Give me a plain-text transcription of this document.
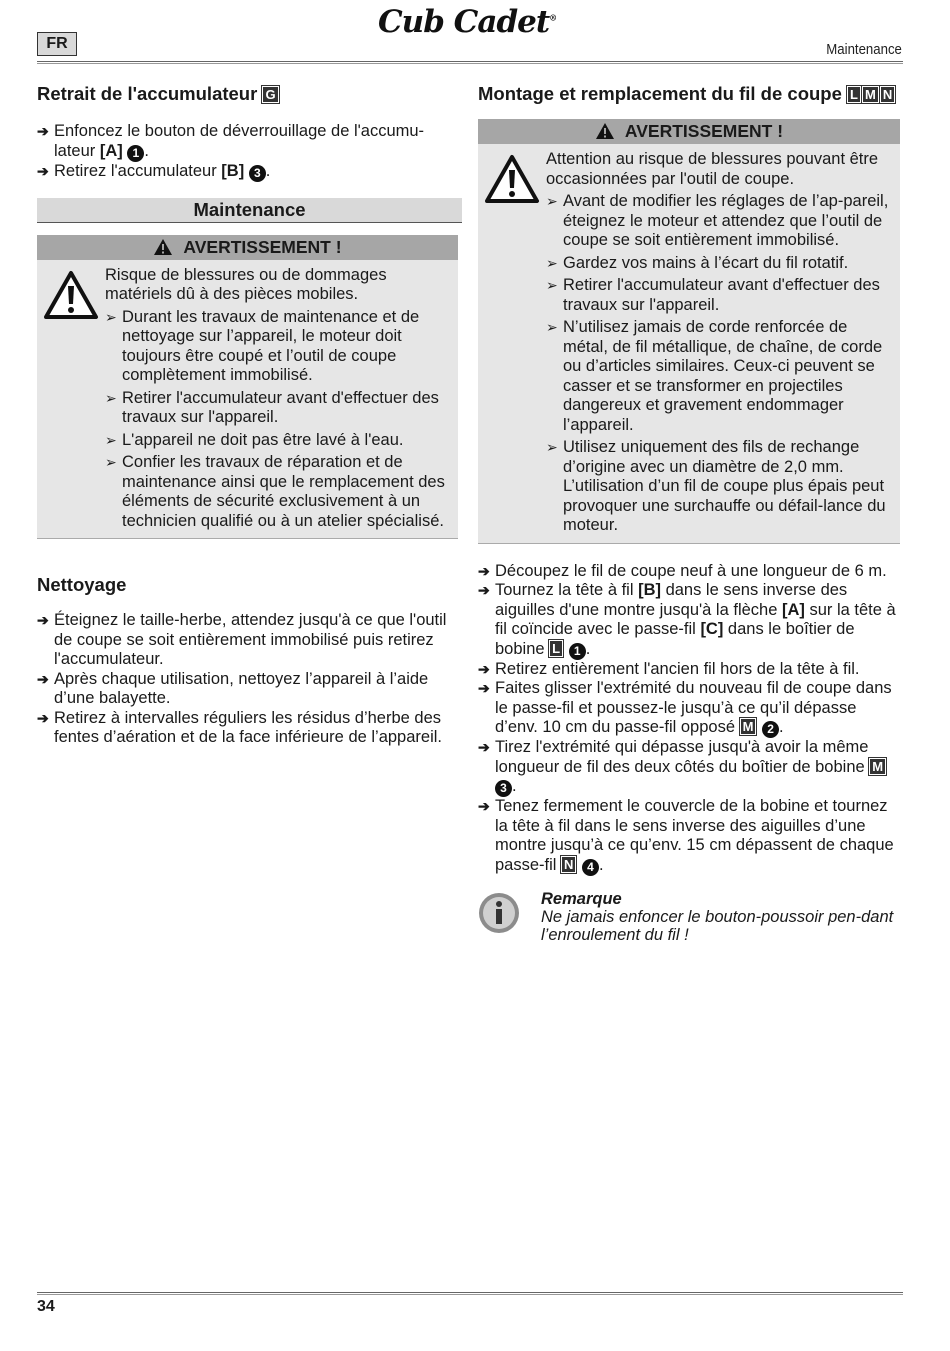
FR
Cub Cadet®
Maintenance
Retrait de l'accumulateur G
➔ Enfoncez le bouton de déverrouillage de l'accumu-lateur [A] 1 .
➔ Retirez l'accumulateur [B] 3 .
Maintenance
AVERTISSEMENT !
Risque de blessures ou de dommages matériels dû à des pièces mobiles.
➢ Durant les travaux de maintenance et de nettoyage sur l’appareil, le moteur doit toujours être coupé et l’outil de coupe complètement immobilisé.
➢ Retirer l'accumulateur avant d'effectuer des travaux sur l'appareil.
➢ L'appareil ne doit pas être lavé à l'eau.
➢ Confier les travaux de réparation et de maintenance ainsi que le remplacement des éléments de sécurité exclusivement à un technicien qualifié ou à un atelier spécialisé.
Nettoyage
➔ Éteignez le taille-herbe, attendez jusqu'à ce que l'outil de coupe se soit entièrement immobilisé puis retirez l'accumulateur.
➔ Après chaque utilisation, nettoyez l’appareil à l’aide d’une balayette.
➔ Retirez à intervalles réguliers les résidus d’herbe des fentes d’aération et de la face inférieure de l’appareil.
Montage et remplacement du fil de coupe L M N
AVERTISSEMENT !
Attention au risque de blessures pouvant être occasionnées par l'outil de coupe.
➢ Avant de modifier les réglages de l’ap-pareil, éteignez le moteur et attendez que l’outil de coupe se soit entièrement immobilisé.
➢ Gardez vos mains à l’écart du fil rotatif.
➢ Retirer l'accumulateur avant d'effectuer des travaux sur l'appareil.
➢ N’utilisez jamais de corde renforcée de métal, de fil métallique, de chaîne, de corde ou d’articles similaires. Ceux-ci peuvent se casser et se transformer en projectiles dangereux et gravement endommager l’appareil.
➢ Utilisez uniquement des fils de rechange d’origine avec un diamètre de 2,0 mm. L’utilisation d’un fil de coupe plus épais peut provoquer une surchauffe ou défail-lance du moteur.
➔ Découpez le fil de coupe neuf à une longueur de 6 m.
➔ Tournez la tête à fil [B] dans le sens inverse des aiguilles d'une montre jusqu'à la flèche [A] sur la tête à fil coïncide avec le passe-fil [C] dans le boîtier de bobine L 1 .
➔ Retirez entièrement l'ancien fil hors de la tête à fil.
➔ Faites glisser l'extrémité du nouveau fil de coupe dans le passe-fil et poussez-le jusqu’à ce qu’il dépasse d’env. 10 cm du passe-fil opposé M 2 .
➔ Tirez l'extrémité qui dépasse jusqu'à avoir la même longueur de fil des deux côtés du boîtier de bobine M 3 .
➔ Tenez fermement le couvercle de la bobine et tournez la tête à fil dans le sens inverse des aiguilles d’une montre jusqu’à ce qu’env. 15 cm dépassent de chaque passe-fil N 4 .
Remarque
Ne jamais enfoncer le bouton-poussoir pen-dant l’enroulement du fil !
34
